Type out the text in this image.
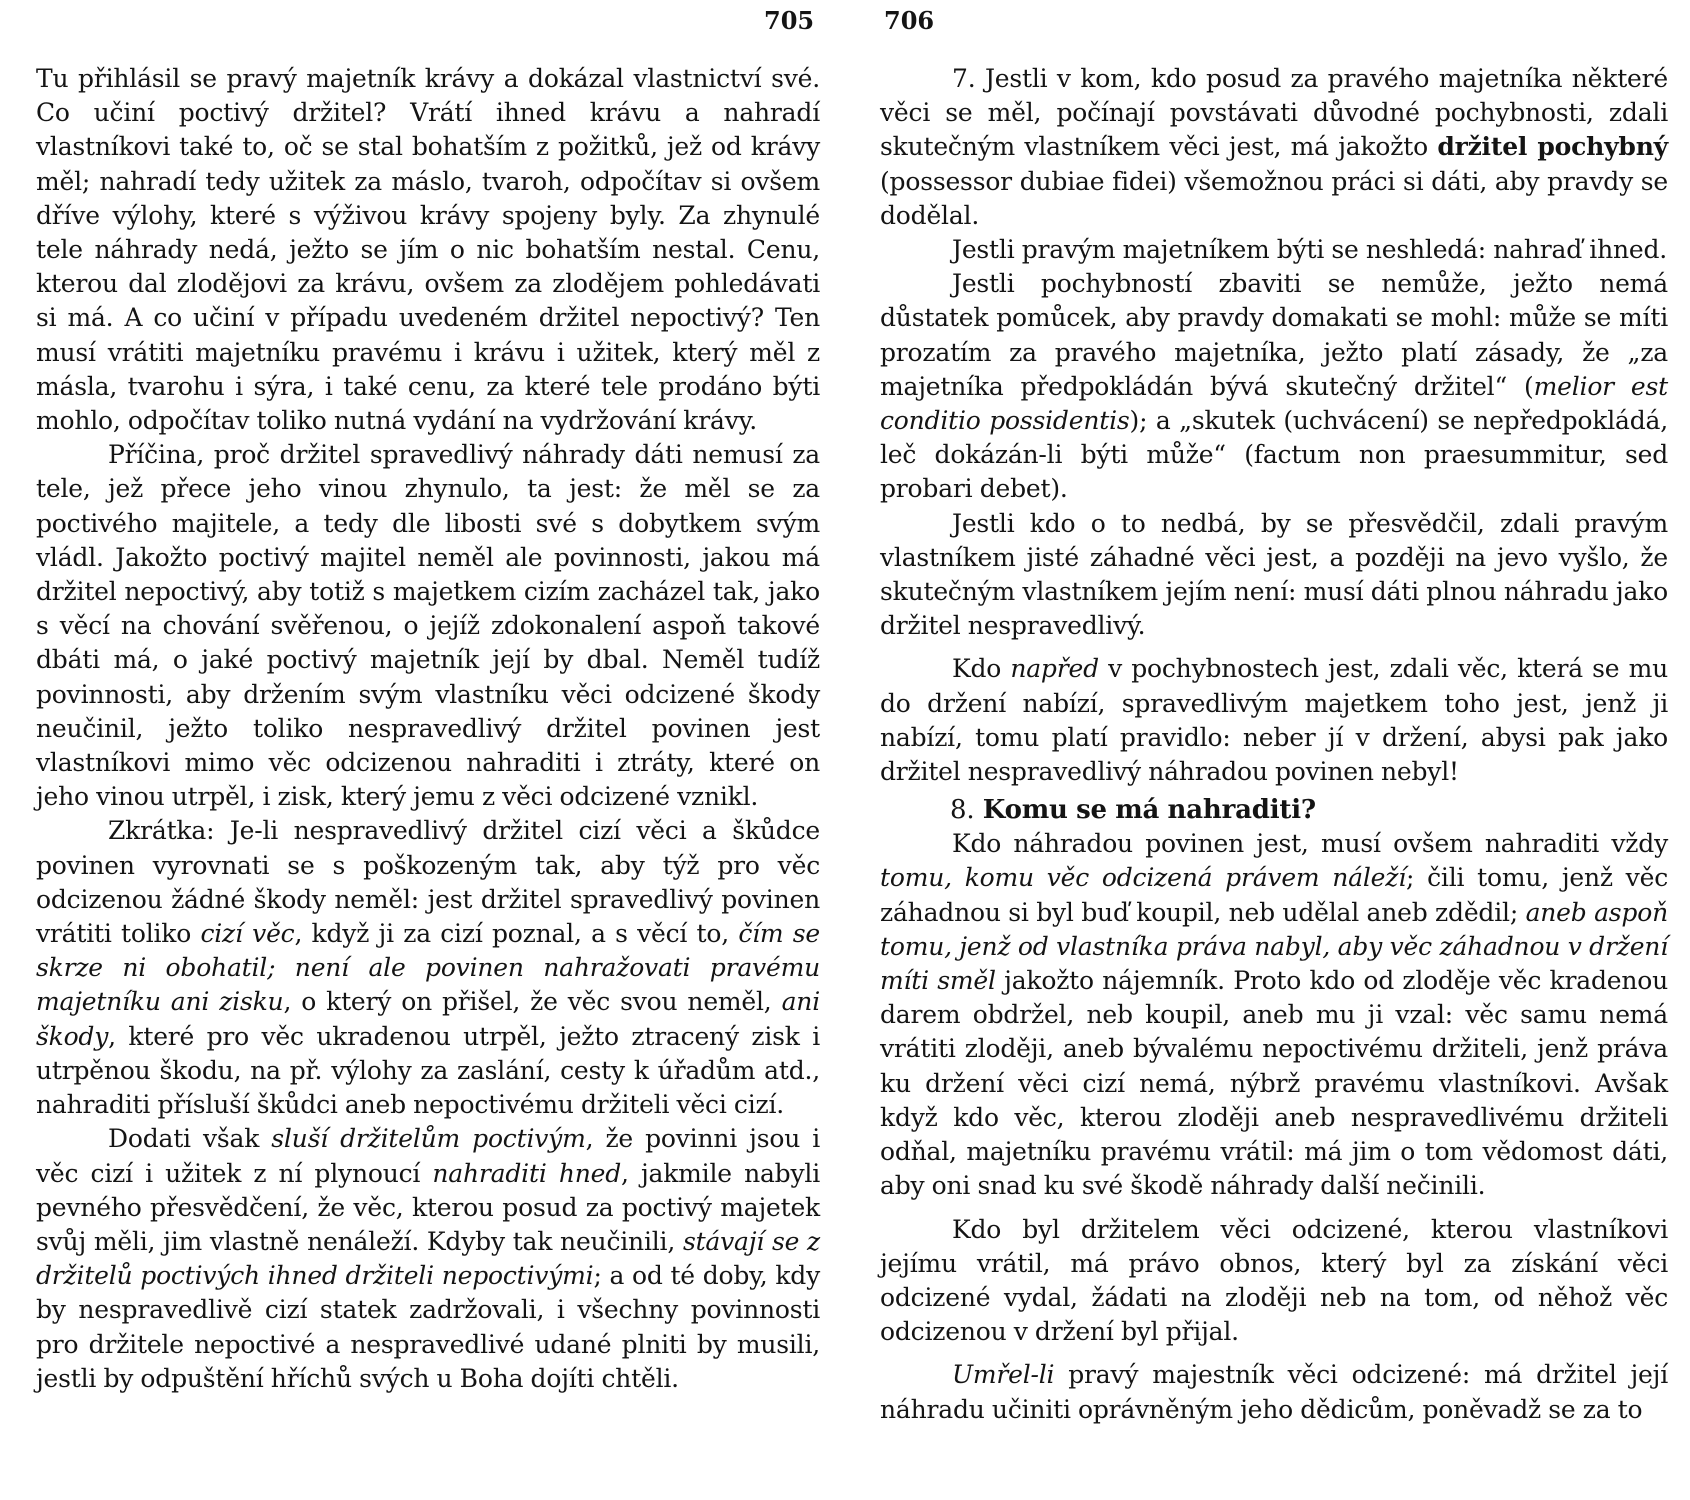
705	706

Tu přihlásil se pravý majetník krávy a dokázal vlastnictví své. Co učiní poctivý držitel? Vrátí ihned krávu a nahradí vlastníkovi také to, oč se stal bohatším z požitků, jež od krávy měl; nahradí tedy užitek za máslo, tvaroh, odpočítav si ovšem dříve výlohy, které s výživou krávy spojeny byly. Za zhynulé tele náhrady nedá, ježto se jím o nic bohatším nestal. Cenu, kterou dal zlodějovi za krávu, ovšem za zlodějem pohledávati si má. A co učiní v případu uvedeném držitel nepoctivý? Ten musí vrátiti majetníku pravému i krávu i užitek, který měl z másla, tvarohu i sýra, i také cenu, za které tele prodáno býti mohlo, odpočítav toliko nutná vydání na vydržování krávy.

Příčina, proč držitel spravedlivý náhrady dáti nemusí za tele, jež přece jeho vinou zhynulo, ta jest: že měl se za poctivého majitele, a tedy dle libosti své s dobytkem svým vládl. Jakožto poctivý majitel neměl ale povinnosti, jakou má držitel nepoctivý, aby totiž s majetkem cizím zacházel tak, jako s věcí na chování svěřenou, o jejíž zdokonalení aspoň takové dbáti má, o jaké poctivý majetník její by dbal. Neměl tudíž povinnosti, aby držením svým vlastníku věci odcizené škody neučinil, ježto toliko nespravedlivý držitel povinen jest vlastníkovi mimo věc odcizenou nahraditi i ztráty, které on jeho vinou utrpěl, i zisk, který jemu z věci odcizené vznikl.

Zkrátka: Je-li nespravedlivý držitel cizí věci a škůdce povinen vyrovnati se s poškozeným tak, aby týž pro věc odcizenou žádné škody neměl: jest držitel spravedlivý povinen vrátiti toliko cizí věc, když ji za cizí poznal, a s věcí to, čím se skrze ni obohatil; není ale povinen nahražovati pravému majetníku ani zisku, o který on přišel, že věc svou neměl, ani škody, které pro věc ukradenou utrpěl, ježto ztracený zisk i utrpěnou škodu, na př. výlohy za zaslání, cesty k úřadům atd., nahraditi přísluší škůdci aneb nepoctivému držiteli věci cizí.

Dodati však sluší držitelům poctivým, že povinni jsou i věc cizí i užitek z ní plynoucí nahraditi hned, jakmile nabyli pevného přesvědčení, že věc, kterou posud za poctivý majetek svůj měli, jim vlastně nenáleží. Kdyby tak neučinili, stávají se z držitelů poctivých ihned držiteli nepoctivými; a od té doby, kdy by nespravedlivě cizí statek zadržovali, i všechny povinnosti pro držitele nepoctivé a nespravedlivé udané plniti by musili, jestli by odpuštění hříchů svých u Boha dojíti chtěli.

7. Jestli v kom, kdo posud za pravého majetníka některé věci se měl, počínají povstávati důvodné pochybnosti, zdali skutečným vlastníkem věci jest, má jakožto držitel pochybný (possessor dubiae fidei) všemožnou práci si dáti, aby pravdy se dodělal.

Jestli pravým majetníkem býti se neshledá: nahraď ihned.

Jestli pochybností zbaviti se nemůže, ježto nemá důstatek pomůcek, aby pravdy domakati se mohl: může se míti prozatím za pravého majetníka, ježto platí zásady, že „za majetníka předpokládán bývá skutečný držitel“ (melior est conditio possidentis); a „skutek (uchvácení) se nepředpokládá, leč dokázán-li býti může“ (factum non praesummitur, sed probari debet).

Jestli kdo o to nedbá, by se přesvědčil, zdali pravým vlastníkem jisté záhadné věci jest, a později na jevo vyšlo, že skutečným vlastníkem jejím není: musí dáti plnou náhradu jako držitel nespravedlivý.

Kdo napřed v pochybnostech jest, zdali věc, která se mu do držení nabízí, spravedlivým majetkem toho jest, jenž ji nabízí, tomu platí pravidlo: neber jí v držení, abysi pak jako držitel nespravedlivý náhradou povinen nebyl!

8. Komu se má nahraditi?

Kdo náhradou povinen jest, musí ovšem nahraditi vždy tomu, komu věc odcizená právem náleží; čili tomu, jenž věc záhadnou si byl buď koupil, neb udělal aneb zdědil; aneb aspoň tomu, jenž od vlastníka práva nabyl, aby věc záhadnou v držení míti směl jakožto nájemník. Proto kdo od zloděje věc kradenou darem obdržel, neb koupil, aneb mu ji vzal: věc samu nemá vrátiti zloději, aneb bývalému nepoctivému držiteli, jenž práva ku držení věci cizí nemá, nýbrž pravému vlastníkovi. Avšak když kdo věc, kterou zloději aneb nespravedlivému držiteli odňal, majetníku pravému vrátil: má jim o tom vědomost dáti, aby oni snad ku své škodě náhrady další nečinili.

Kdo byl držitelem věci odcizené, kterou vlastníkovi jejímu vrátil, má právo obnos, který byl za získání věci odcizené vydal, žádati na zloději neb na tom, od něhož věc odcizenou v držení byl přijal.

Umřel-li pravý majestník věci odcizené: má držitel její náhradu učiniti oprávněným jeho dědicům, poněvadž se za to
